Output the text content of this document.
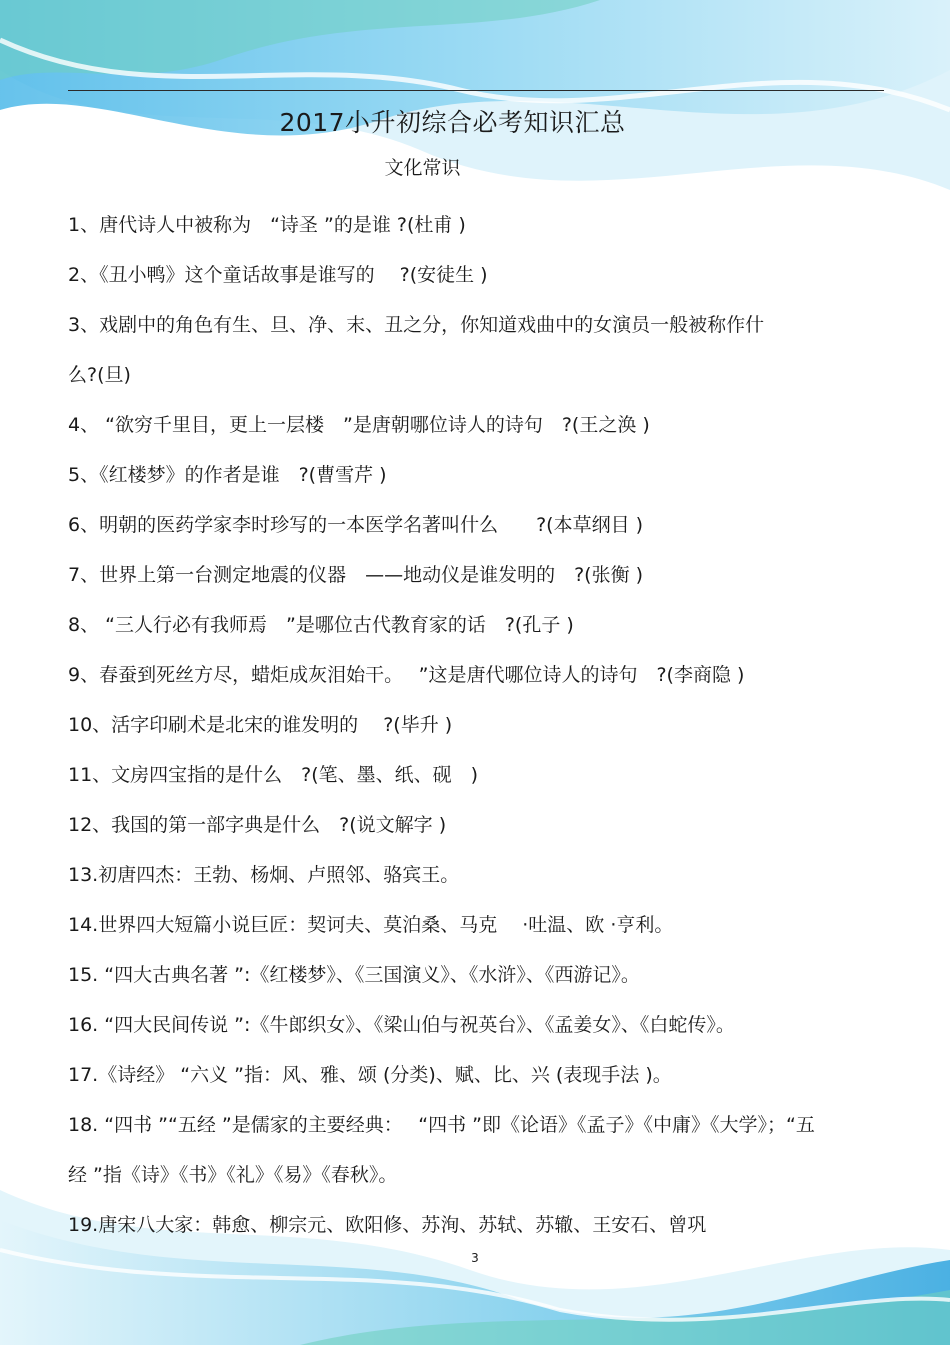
2017小升初综合必考知识汇总
文化常识
1、唐代诗人中被称为　“诗圣 ”的是谁 ?(杜甫 )
2、《丑小鸭》这个童话故事是谁写的　 ?(安徒生 )
3、戏剧中的角色有生、旦、净、末、丑之分，你知道戏曲中的女演员一般被称作什
么?(旦)
4、 “欲穷千里目，更上一层楼　”是唐朝哪位诗人的诗句　?(王之涣 )
5、《红楼梦》的作者是谁　?(曹雪芹 )
6、明朝的医药学家李时珍写的一本医学名著叫什么　　?(本草纲目 )
7、世界上第一台测定地震的仪器　——地动仪是谁发明的　?(张衡 )
8、 “三人行必有我师焉　”是哪位古代教育家的话　?(孔子 )
9、春蚕到死丝方尽，蜡炬成灰泪始干。　 ”这是唐代哪位诗人的诗句　?(李商隐 )
10、活字印刷术是北宋的谁发明的　 ?(毕升 )
11、文房四宝指的是什么　?(笔、墨、纸、砚　)
12、我国的第一部字典是什么　?(说文解字 )
13.初唐四杰：王勃、杨炯、卢照邻、骆宾王。
14.世界四大短篇小说巨匠：契诃夫、莫泊桑、马克　 ·吐温、欧 ·亨利。
15. “四大古典名著 ”:《红楼梦》、《三国演义》、《水浒》、《西游记》。
16. “四大民间传说 ”:《牛郎织女》、《梁山伯与祝英台》、《孟姜女》、《白蛇传》。
17.《诗经》 “六义 ”指：风、雅、颂 (分类)、赋、比、兴 (表现手法 )。
18. “四书 ”“五经 ”是儒家的主要经典：　 “四书 ”即《论语》《孟子》《中庸》《大学》；“五
经 ”指《诗》《书》《礼》《易》《春秋》。
19.唐宋八大家：韩愈、柳宗元、欧阳修、苏洵、苏轼、苏辙、王安石、曾巩
3
